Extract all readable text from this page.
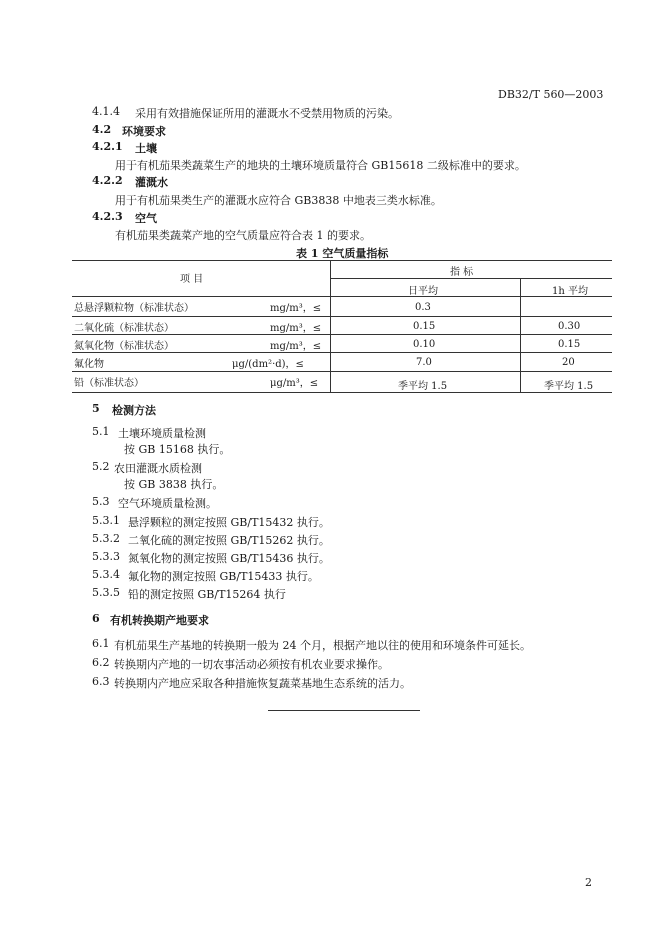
DB32/T 560—2003
4.1.4 采用有效措施保证所用的灌溉水不受禁用物质的污染。
4.2 环境要求
4.2.1 土壤
用于有机茄果类蔬菜生产的地块的土壤环境质量符合 GB15618 二级标准中的要求。
4.2.2 灌溉水
用于有机茄果类生产的灌溉水应符合 GB3838 中地表三类水标准。
4.2.3 空气
有机茄果类蔬菜产地的空气质量应符合表 1 的要求。
表 1 空气质量指标
项 目
指 标
日平均	1h 平均
总悬浮颗粒物（标准状态）	mg/m³，≤	0.3
二氧化硫（标准状态）	mg/m³，≤	0.15	0.30
氮氧化物（标准状态）	mg/m³，≤	0.10	0.15
氟化物	μg/(dm²·d)，≤	7.0	20
铅（标准状态）	μg/m³，≤	季平均 1.5	季平均 1.5
5 检测方法
5.1 土壤环境质量检测
按 GB 15168 执行。
5.2 农田灌溉水质检测
按 GB 3838 执行。
5.3 空气环境质量检测。
5.3.1 悬浮颗粒的测定按照 GB/T15432 执行。
5.3.2 二氧化硫的测定按照 GB/T15262 执行。
5.3.3 氮氧化物的测定按照 GB/T15436 执行。
5.3.4 氟化物的测定按照 GB/T15433 执行。
5.3.5 铅的测定按照 GB/T15264 执行
6 有机转换期产地要求
6.1 有机茄果生产基地的转换期一般为 24 个月，根据产地以往的使用和环境条件可延长。
6.2 转换期内产地的一切农事活动必须按有机农业要求操作。
6.3 转换期内产地应采取各种措施恢复蔬菜基地生态系统的活力。
2
